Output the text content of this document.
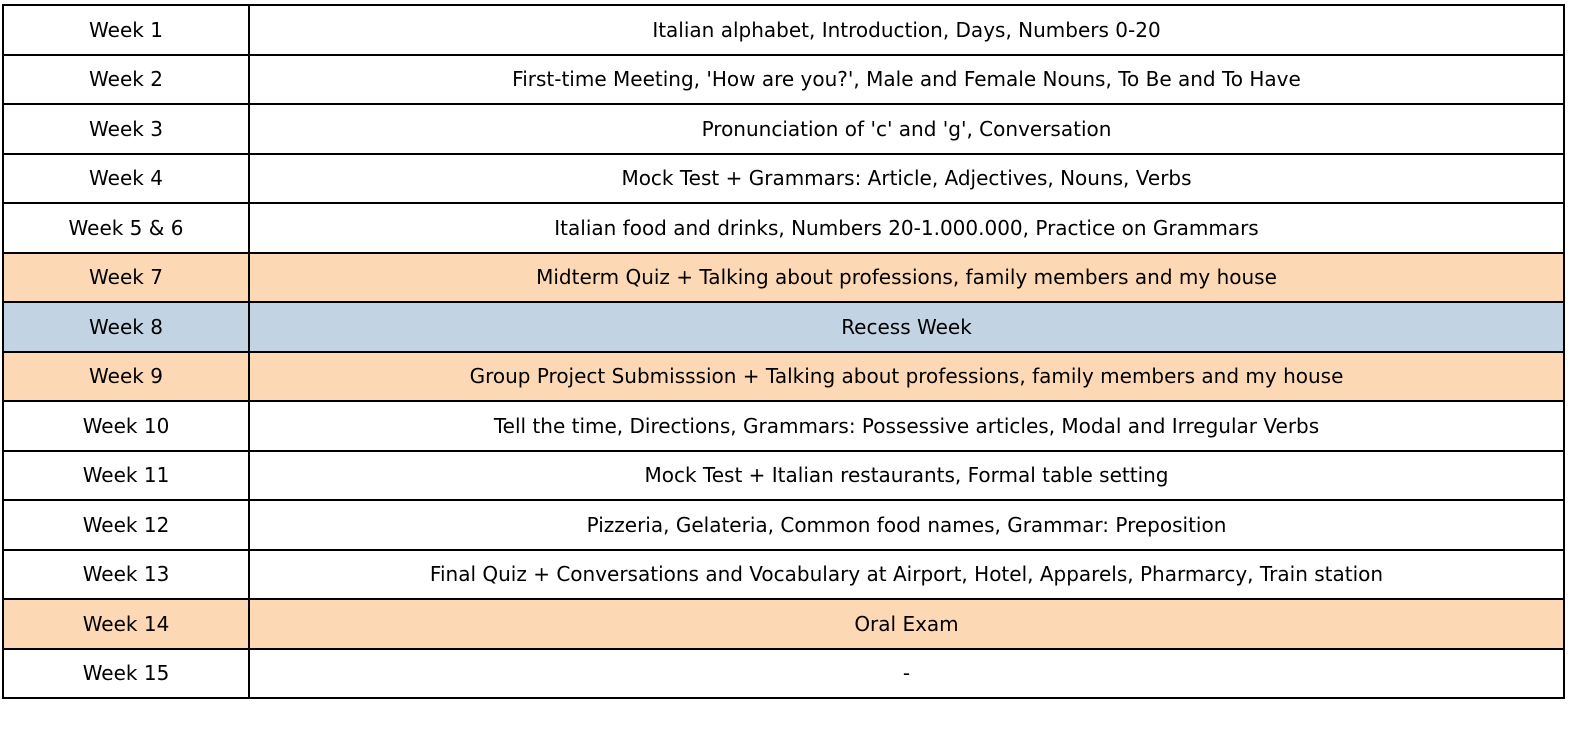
Week 1	Italian alphabet, Introduction, Days, Numbers 0-20
Week 2	First-time Meeting, 'How are you?', Male and Female Nouns, To Be and To Have
Week 3	Pronunciation of 'c' and 'g', Conversation
Week 4	Mock Test + Grammars: Article, Adjectives, Nouns, Verbs
Week 5 & 6	Italian food and drinks, Numbers 20-1.000.000, Practice on Grammars
Week 7	Midterm Quiz + Talking about professions, family members and my house
Week 8	Recess Week
Week 9	Group Project Submisssion + Talking about professions, family members and my house
Week 10	Tell the time, Directions, Grammars: Possessive articles, Modal and Irregular Verbs
Week 11	Mock Test + Italian restaurants, Formal table setting
Week 12	Pizzeria, Gelateria, Common food names, Grammar: Preposition
Week 13	Final Quiz + Conversations and Vocabulary at Airport, Hotel, Apparels, Pharmarcy, Train station
Week 14	Oral Exam
Week 15	-
